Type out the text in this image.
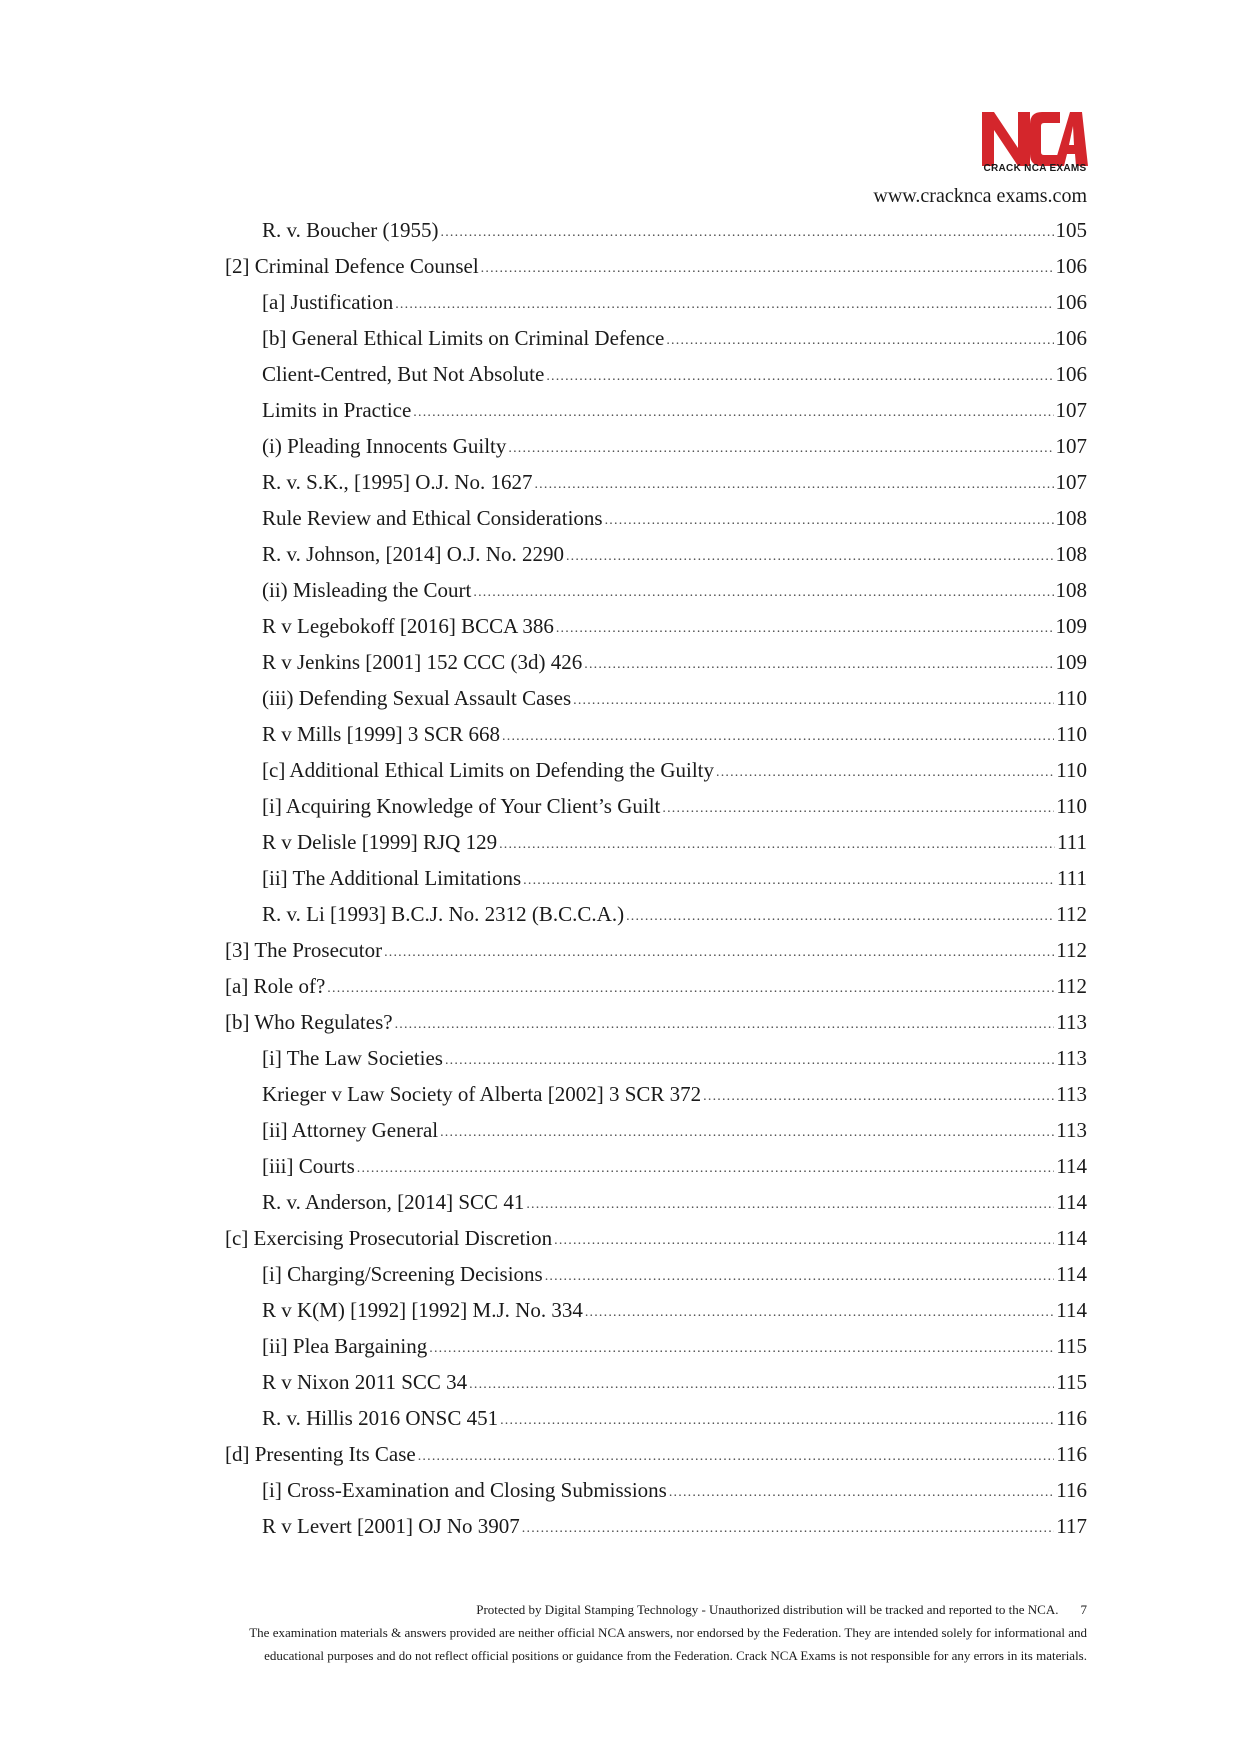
CRACK NCA EXAMS
www.cracknca exams.com
R. v. Boucher (1955) .....	105
[2] Criminal Defence Counsel .....	106
[a] Justification .....	106
[b] General Ethical Limits on Criminal Defence .....	106
Client-Centred, But Not Absolute .....	106
Limits in Practice .....	107
(i) Pleading Innocents Guilty .....	107
R. v. S.K., [1995] O.J. No. 1627 .....	107
Rule Review and Ethical Considerations .....	108
R. v. Johnson, [2014] O.J. No. 2290 .....	108
(ii) Misleading the Court .....	108
R v Legebokoff [2016] BCCA 386 .....	109
R v Jenkins [2001] 152 CCC (3d) 426 .....	109
(iii) Defending Sexual Assault Cases .....	110
R v Mills [1999] 3 SCR 668 .....	110
[c] Additional Ethical Limits on Defending the Guilty .....	110
[i] Acquiring Knowledge of Your Client’s Guilt .....	110
R v Delisle [1999] RJQ 129 .....	111
[ii] The Additional Limitations .....	111
R. v. Li [1993] B.C.J. No. 2312 (B.C.C.A.) .....	112
[3] The Prosecutor .....	112
[a] Role of? .....	112
[b] Who Regulates? .....	113
[i] The Law Societies .....	113
Krieger v Law Society of Alberta [2002] 3 SCR 372 .....	113
[ii] Attorney General .....	113
[iii] Courts .....	114
R. v. Anderson, [2014] SCC 41 .....	114
[c] Exercising Prosecutorial Discretion .....	114
[i] Charging/Screening Decisions .....	114
R v K(M) [1992] [1992] M.J. No. 334 .....	114
[ii] Plea Bargaining .....	115
R v Nixon 2011 SCC 34 .....	115
R. v. Hillis 2016 ONSC 451 .....	116
[d] Presenting Its Case .....	116
[i] Cross-Examination and Closing Submissions .....	116
R v Levert [2001] OJ No 3907 .....	117
Protected by Digital Stamping Technology - Unauthorized distribution will be tracked and reported to the NCA. 7
The examination materials & answers provided are neither official NCA answers, nor endorsed by the Federation. They are intended solely for informational and
educational purposes and do not reflect official positions or guidance from the Federation. Crack NCA Exams is not responsible for any errors in its materials.
